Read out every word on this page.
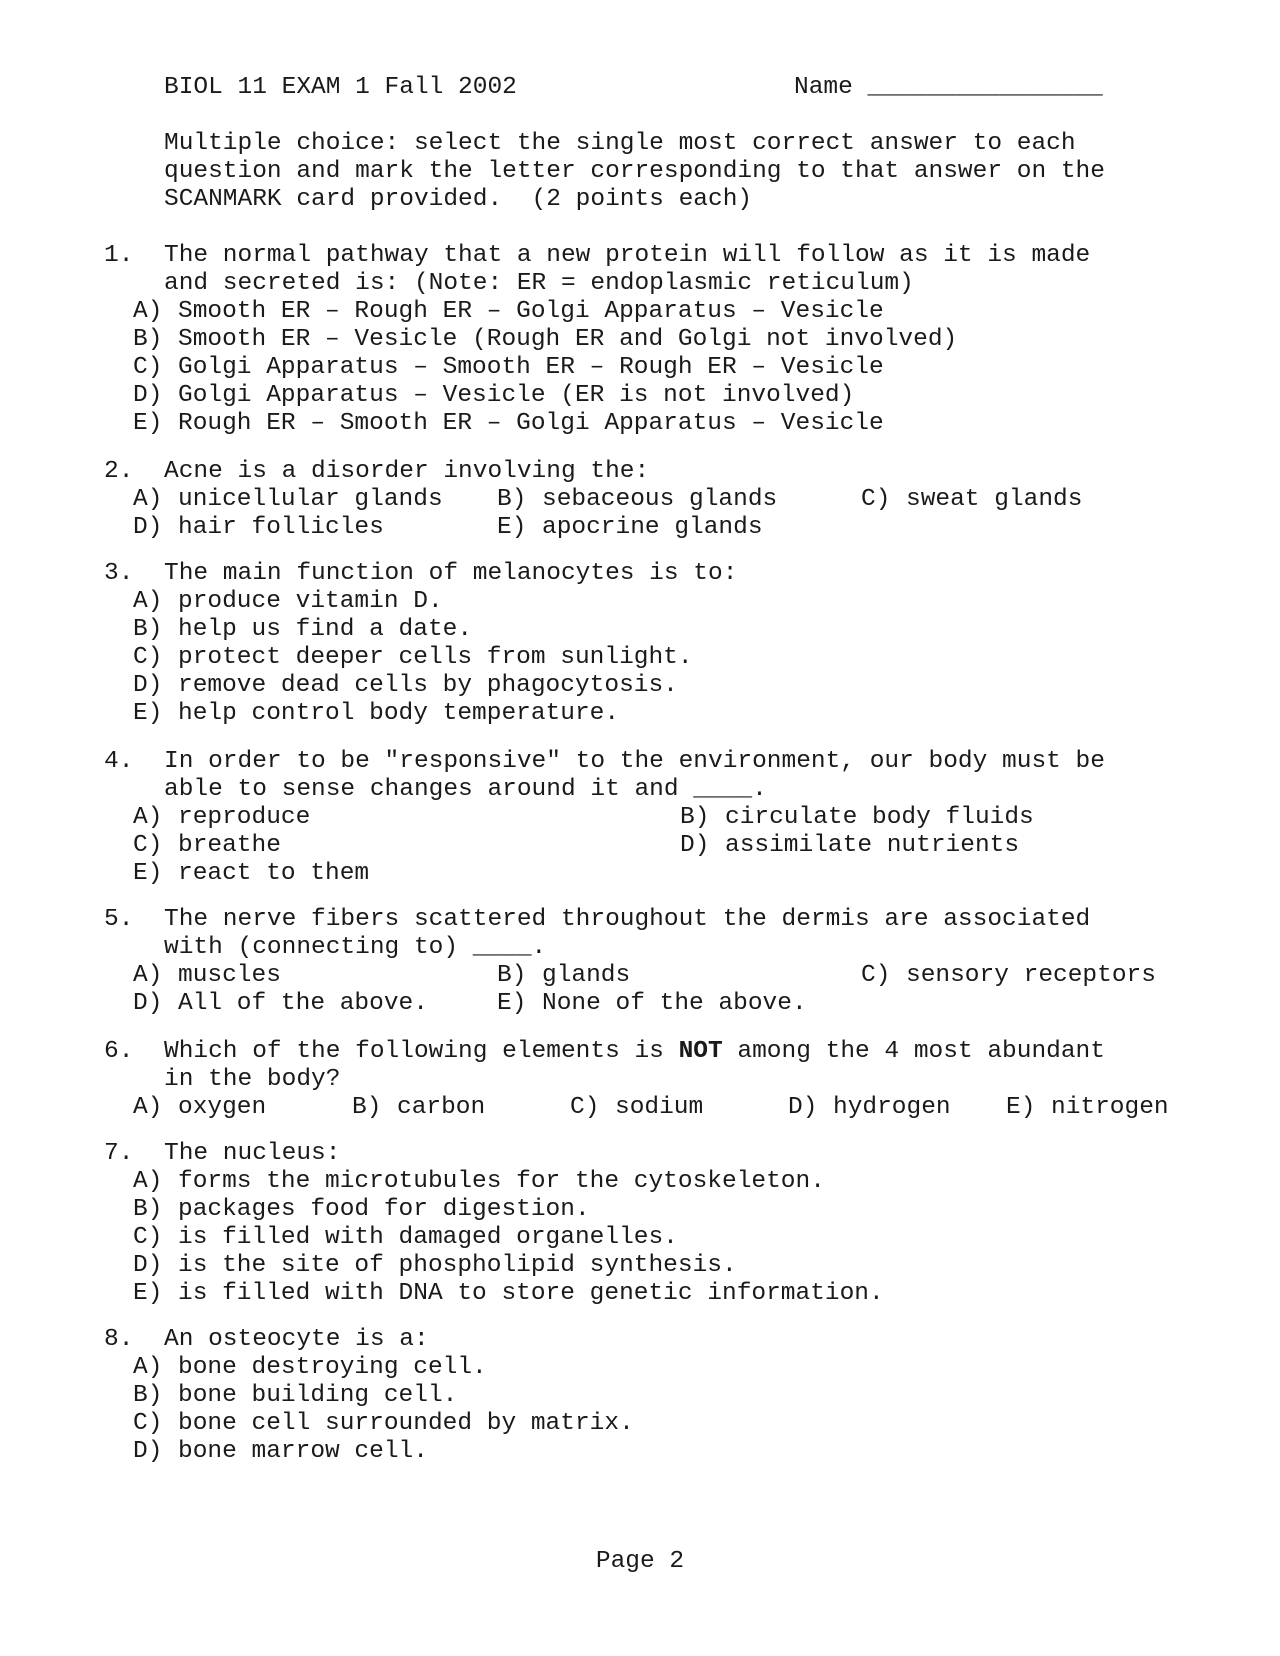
BIOL 11 EXAM 1 Fall 2002	Name ________________
Multiple choice: select the single most correct answer to each
question and mark the letter corresponding to that answer on the
SCANMARK card provided.  (2 points each)
1. The normal pathway that a new protein will follow as it is made
and secreted is: (Note: ER = endoplasmic reticulum)
A) Smooth ER – Rough ER – Golgi Apparatus – Vesicle
B) Smooth ER – Vesicle (Rough ER and Golgi not involved)
C) Golgi Apparatus – Smooth ER – Rough ER – Vesicle
D) Golgi Apparatus – Vesicle (ER is not involved)
E) Rough ER – Smooth ER – Golgi Apparatus – Vesicle
2. Acne is a disorder involving the:
A) unicellular glands B) sebaceous glands	C) sweat glands
D) hair follicles	E) apocrine glands
3. The main function of melanocytes is to:
A) produce vitamin D.
B) help us find a date.
C) protect deeper cells from sunlight.
D) remove dead cells by phagocytosis.
E) help control body temperature.
4. In order to be "responsive" to the environment, our body must be
able to sense changes around it and ____.
A) reproduce	B) circulate body fluids
C) breathe	D) assimilate nutrients
E) react to them
5. The nerve fibers scattered throughout the dermis are associated
with (connecting to) ____.
A) muscles	B) glands	C) sensory receptors
D) All of the above.	E) None of the above.
6. Which of the following elements is NOT among the 4 most abundant
in the body?
A) oxygen	B) carbon	C) sodium	D) hydrogen E) nitrogen
7. The nucleus:
A) forms the microtubules for the cytoskeleton.
B) packages food for digestion.
C) is filled with damaged organelles.
D) is the site of phospholipid synthesis.
E) is filled with DNA to store genetic information.
8. An osteocyte is a:
A) bone destroying cell.
B) bone building cell.
C) bone cell surrounded by matrix.
D) bone marrow cell.
Page 2
